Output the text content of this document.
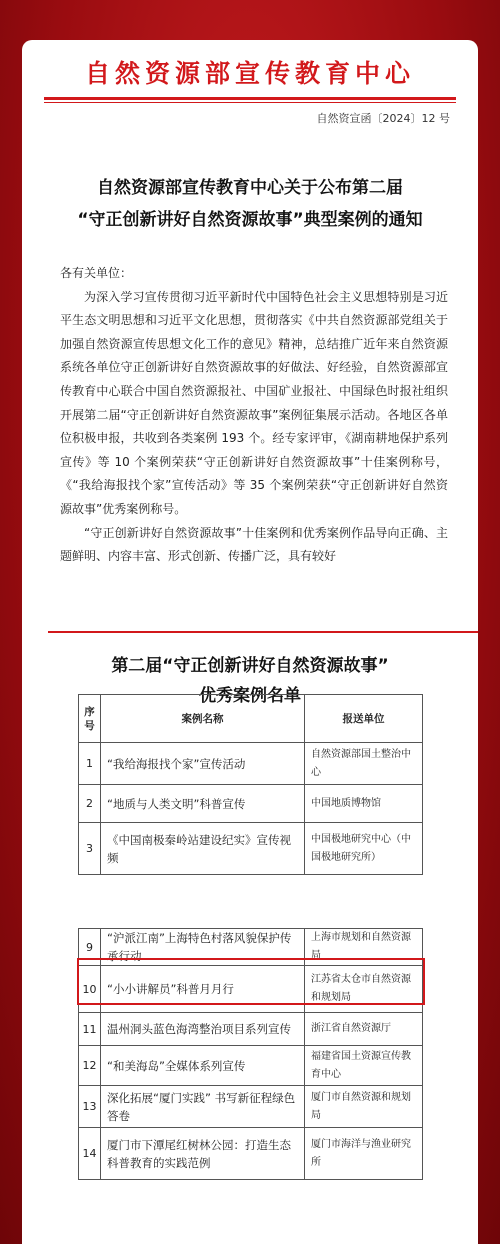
自然资源部宣传教育中心
自然资宣函〔2024〕12 号
自然资源部宣传教育中心关于公布第二届
“守正创新讲好自然资源故事”典型案例的通知

各有关单位：

为深入学习宣传贯彻习近平新时代中国特色社会主义思想特别是习近平生态文明思想和习近平文化思想，贯彻落实《中共自然资源部党组关于加强自然资源宣传思想文化工作的意见》精神，总结推广近年来自然资源系统各单位守正创新讲好自然资源故事的好做法、好经验，自然资源部宣传教育中心联合中国自然资源报社、中国矿业报社、中国绿色时报社组织开展第二届“守正创新讲好自然资源故事”案例征集展示活动。各地区各单位积极申报，共收到各类案例 193 个。经专家评审，《湖南耕地保护系列宣传》等 10 个案例荣获“守正创新讲好自然资源故事”十佳案例称号，《“我给海报找个家”宣传活动》等 35 个案例荣获“守正创新讲好自然资源故事”优秀案例称号。

“守正创新讲好自然资源故事”十佳案例和优秀案例作品导向正确、主题鲜明、内容丰富、形式创新、传播广泛，具有较好

第二届“守正创新讲好自然资源故事”
优秀案例名单
序号	案例名称	报送单位
1	“我给海报找个家”宣传活动	自然资源部国土整治中心
2	“地质与人类文明”科普宣传	中国地质博物馆
3	《中国南极秦岭站建设纪实》宣传视频	中国极地研究中心（中国极地研究所）
9	“沪派江南”上海特色村落风貌保护传承行动	上海市规划和自然资源局
10	“小小讲解员”科普月月行	江苏省太仓市自然资源和规划局
11	温州洞头蓝色海湾整治项目系列宣传	浙江省自然资源厅
12	“和美海岛”全媒体系列宣传	福建省国土资源宣传教育中心
13	深化拓展“厦门实践” 书写新征程绿色答卷	厦门市自然资源和规划局
14	厦门市下潭尾红树林公园：打造生态科普教育的实践范例	厦门市海洋与渔业研究所
